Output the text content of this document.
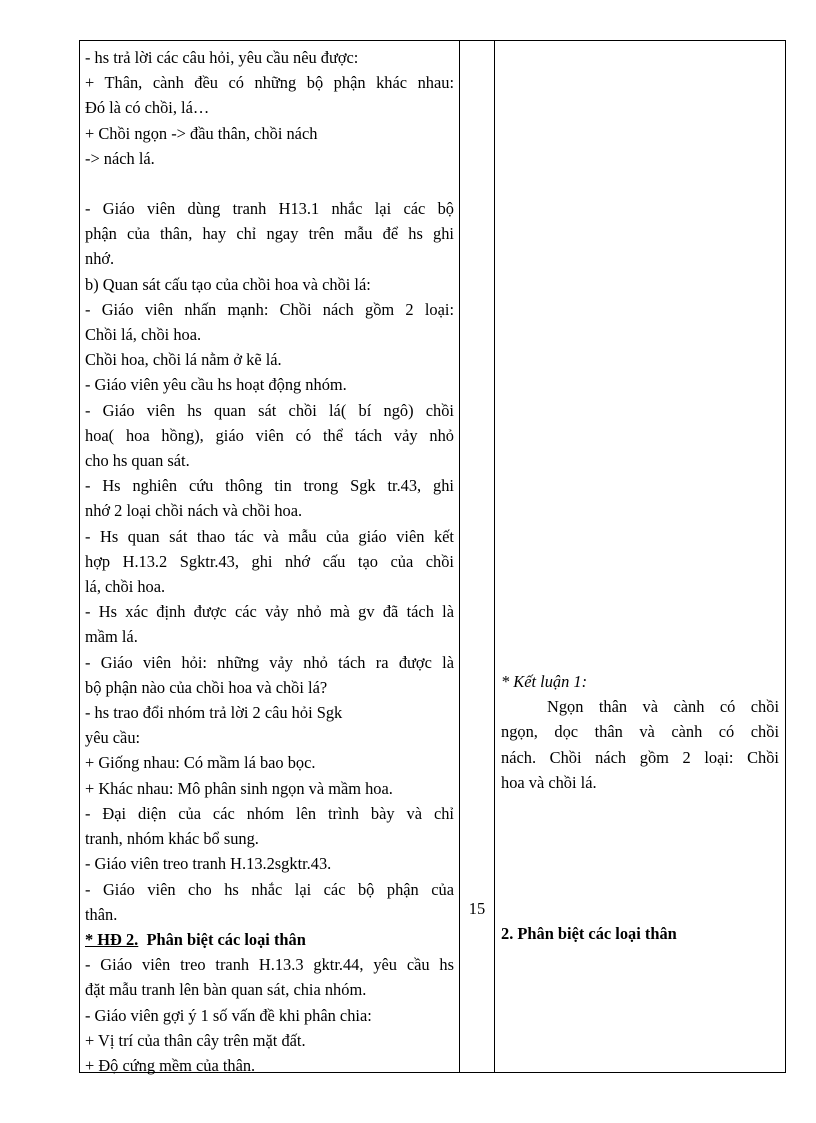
- hs trả lời các câu hỏi, yêu cầu nêu được:

+ Thân, cành đều có những bộ phận khác nhau:

Đó là có chồi, lá…

+ Chồi ngọn -> đầu thân, chồi nách

-> nách lá.

- Giáo viên dùng tranh H13.1 nhắc lại các bộ

phận của thân, hay chỉ ngay trên mẫu để hs ghi

nhớ.

b) Quan sát cấu tạo của chồi hoa và chồi lá:

- Giáo viên nhấn mạnh: Chồi nách gồm 2 loại:

Chồi lá, chồi hoa.

Chồi hoa, chồi lá nằm ở kẽ lá.

- Giáo viên yêu cầu hs hoạt động nhóm.

- Giáo viên hs quan sát chồi lá( bí ngô) chồi

hoa( hoa hồng), giáo viên có thể tách vảy nhỏ

cho hs quan sát.

- Hs nghiên cứu thông tin trong Sgk tr.43, ghi

nhớ 2 loại chồi nách và chồi hoa.

- Hs quan sát thao tác và mẫu của giáo viên kết

hợp H.13.2 Sgktr.43, ghi nhớ cấu tạo của chồi

lá, chồi hoa.

- Hs xác định được các vảy nhỏ mà gv đã tách là

mầm lá.

- Giáo viên hỏi: những vảy nhỏ tách ra được là

bộ phận nào của chồi hoa và chồi lá?

- hs trao đổi nhóm trả lời 2 câu hỏi Sgk

yêu cầu:

+ Giống nhau: Có mầm lá bao bọc.

+ Khác nhau: Mô phân sinh ngọn và mầm hoa.

- Đại diện của các nhóm lên trình bày và chỉ

tranh, nhóm khác bổ sung.

- Giáo viên treo tranh H.13.2sgktr.43.

- Giáo viên cho hs nhắc lại các bộ phận của

thân.

* HĐ 2.  Phân biệt các loại thân

- Giáo viên treo tranh H.13.3 gktr.44, yêu cầu hs

đặt mẫu tranh lên bàn quan sát, chia nhóm.

- Giáo viên gợi ý 1 số vấn đề khi phân chia:

+ Vị trí của thân cây trên mặt đất.

+ Độ cứng mềm của thân.

15

* Kết luận 1:

Ngọn thân và cành có chồi

ngọn, dọc thân và cành có chồi

nách. Chồi nách gồm 2 loại: Chồi

hoa và chồi lá.

2. Phân biệt các loại thân
